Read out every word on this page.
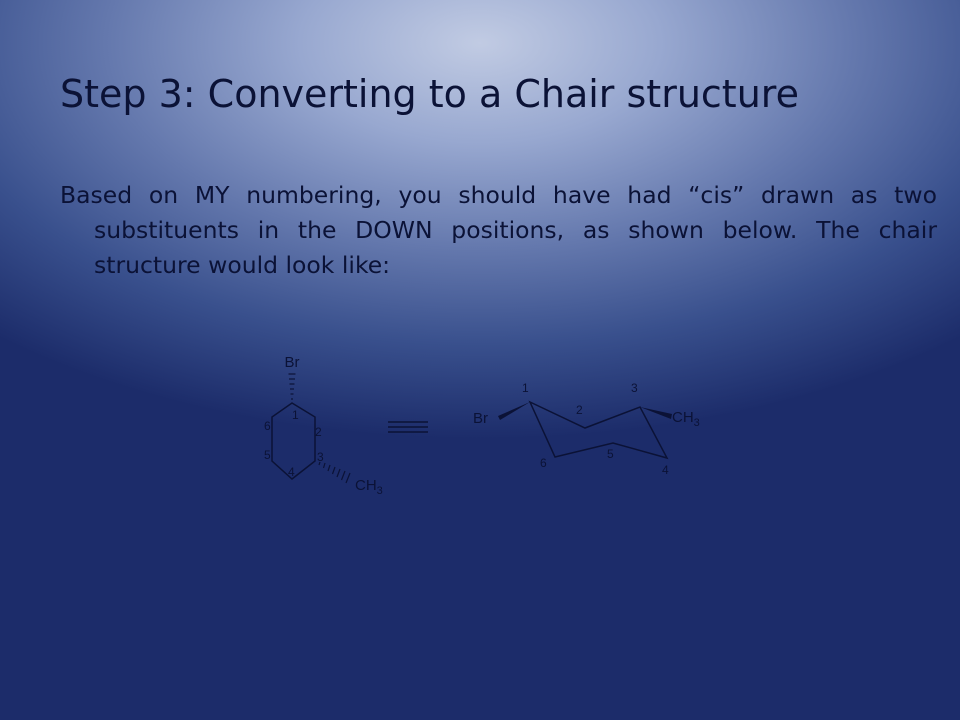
Step 3: Converting to a Chair structure
Based on MY numbering, you should have had “cis” drawn as two substituents in the DOWN positions, as shown below. The chair structure would look like:
Br
$CH_3$
1
2
3
4
5
6	Br	$CH_3$
1
2
3
4
5
6
